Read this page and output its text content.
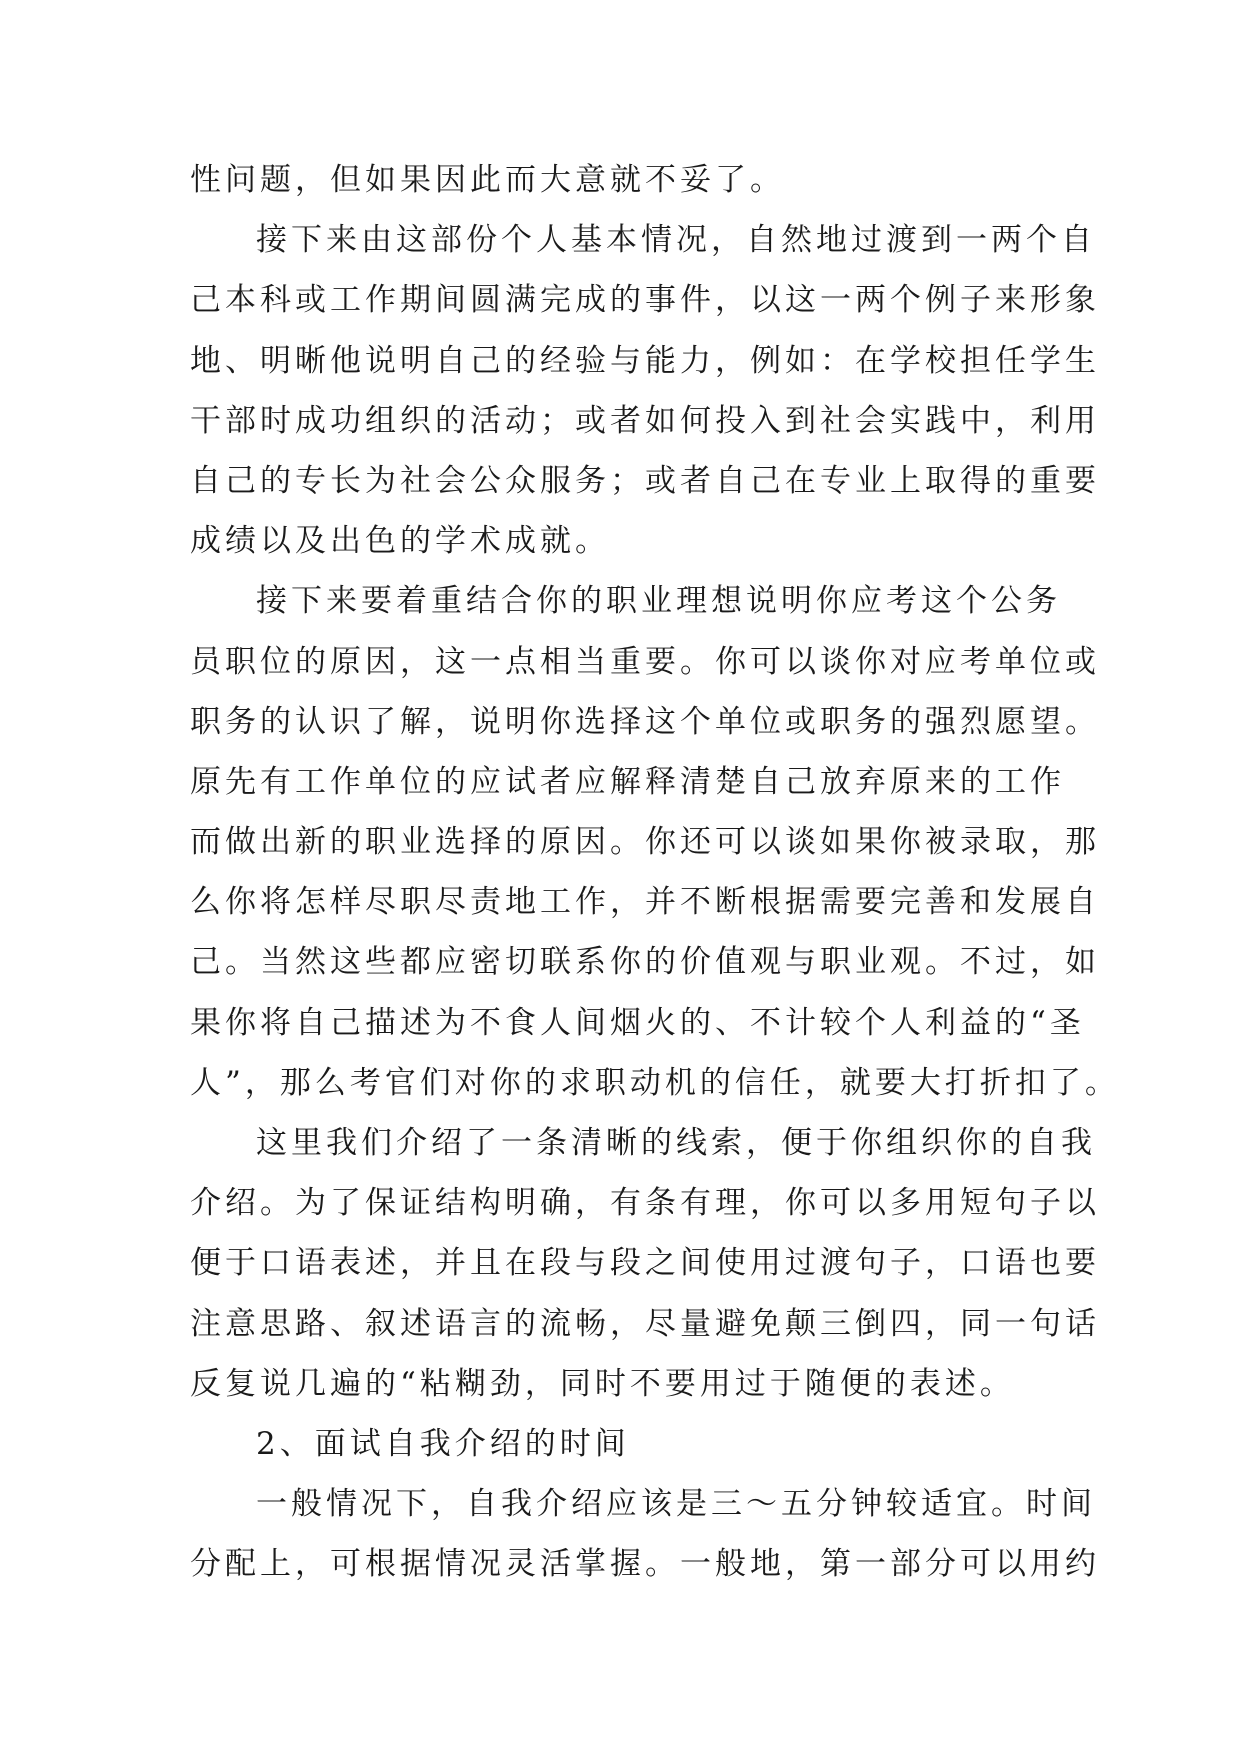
性问题，但如果因此而大意就不妥了。
接下来由这部份个人基本情况，自然地过渡到一两个自
己本科或工作期间圆满完成的事件，以这一两个例子来形象
地、明晰他说明自己的经验与能力，例如：在学校担任学生
干部时成功组织的活动；或者如何投入到社会实践中，利用
自己的专长为社会公众服务；或者自己在专业上取得的重要
成绩以及出色的学术成就。
接下来要着重结合你的职业理想说明你应考这个公务
员职位的原因，这一点相当重要。你可以谈你对应考单位或
职务的认识了解，说明你选择这个单位或职务的强烈愿望。
原先有工作单位的应试者应解释清楚自己放弃原来的工作
而做出新的职业选择的原因。你还可以谈如果你被录取，那
么你将怎样尽职尽责地工作，并不断根据需要完善和发展自
己。当然这些都应密切联系你的价值观与职业观。不过，如
果你将自己描述为不食人间烟火的、不计较个人利益的“圣
人”，那么考官们对你的求职动机的信任，就要大打折扣了。
这里我们介绍了一条清晰的线索，便于你组织你的自我
介绍。为了保证结构明确，有条有理，你可以多用短句子以
便于口语表述，并且在段与段之间使用过渡句子，口语也要
注意思路、叙述语言的流畅，尽量避免颠三倒四，同一句话
反复说几遍的“粘糊劲，同时不要用过于随便的表述。
2、面试自我介绍的时间
一般情况下，自我介绍应该是三～五分钟较适宜。时间
分配上，可根据情况灵活掌握。一般地，第一部分可以用约
